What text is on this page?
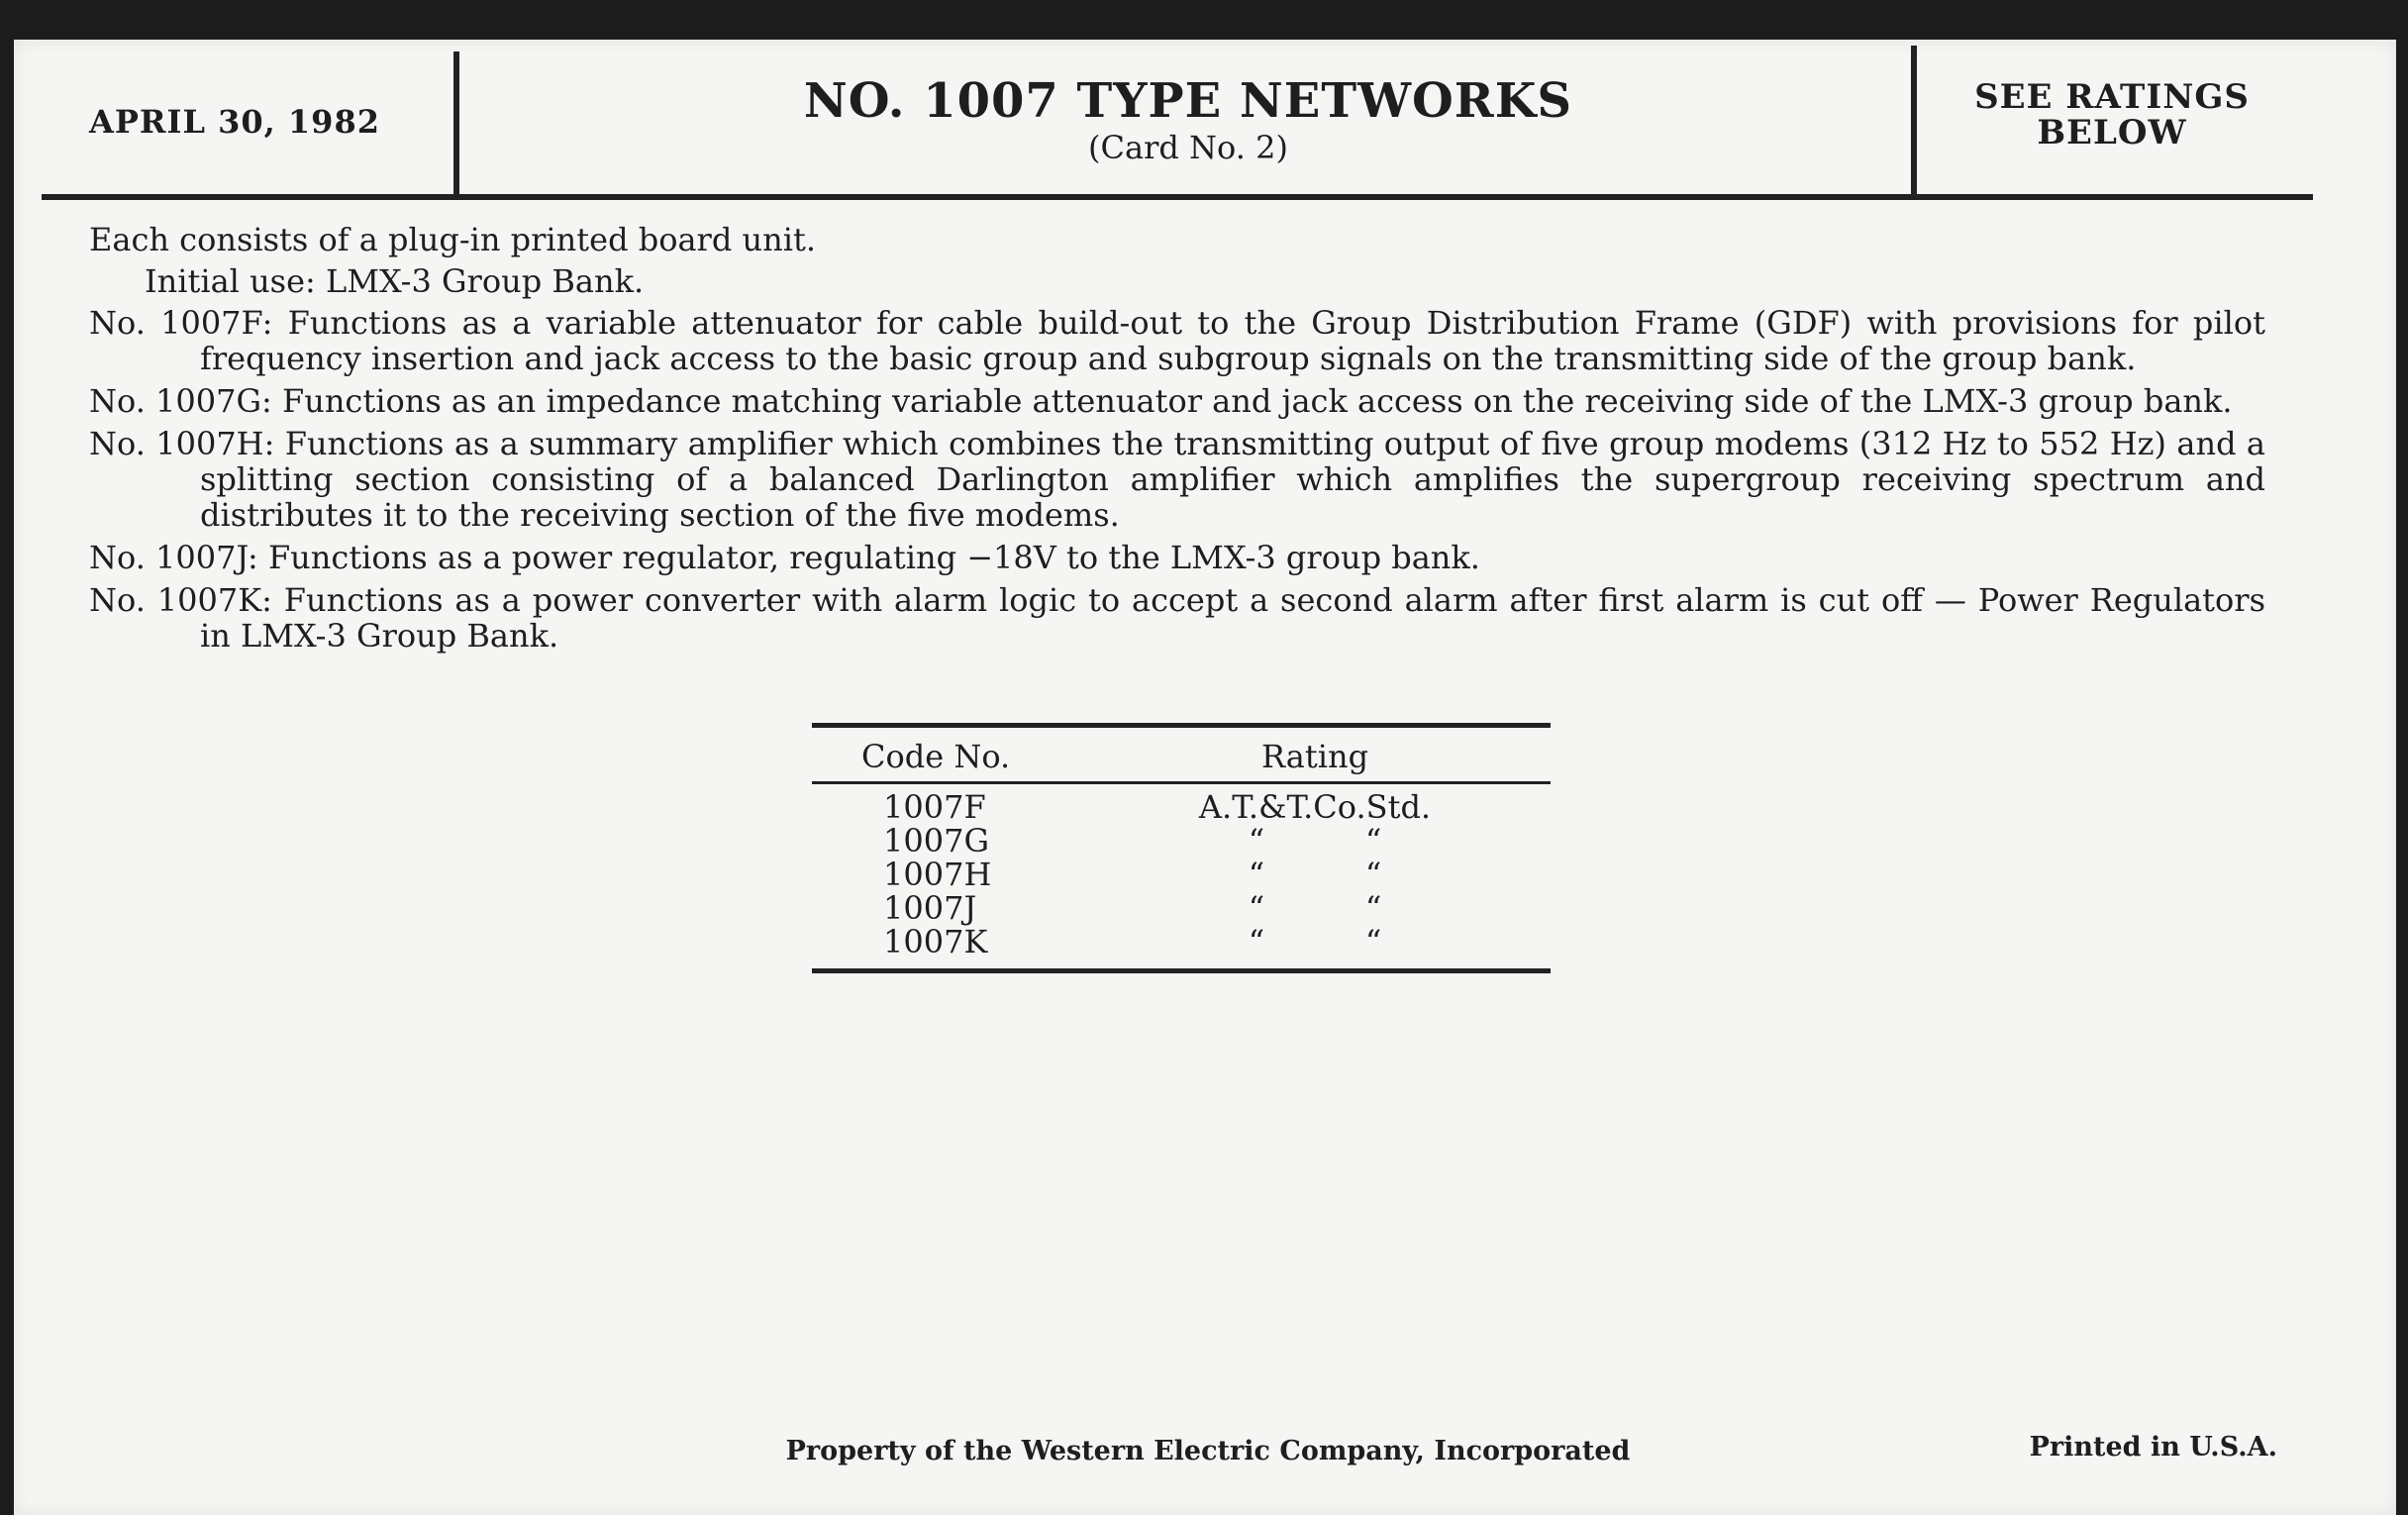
APRIL 30, 1982	NO. 1007 TYPE NETWORKS
(Card No. 2)
SEE RATINGS
BELOW

Each consists of a plug-in printed board unit.

Initial use: LMX-3 Group Bank.

No. 1007F: Functions as a variable attenuator for cable build-out to the Group Distribution Frame (GDF) with provisions for pilot frequency insertion and jack access to the basic group and subgroup signals on the transmitting side of the group bank.

No. 1007G: Functions as an impedance matching variable attenuator and jack access on the receiving side of the LMX-3 group bank.

No. 1007H: Functions as a summary amplifier which combines the transmitting output of five group modems (312 Hz to 552 Hz) and a splitting section consisting of a balanced Darlington amplifier which amplifies the supergroup receiving spectrum and distributes it to the receiving section of the five modems.

No. 1007J: Functions as a power regulator, regulating −18V to the LMX-3 group bank.

No. 1007K: Functions as a power converter with alarm logic to accept a second alarm after first alarm is cut off — Power Regulators in LMX-3 Group Bank.

Code No.	Rating
1007F	A.T.&T.Co.Std.
1007G	“          “
1007H	“          “
1007J	“          “
1007K	“          “
Property of the Western Electric Company, Incorporated	Printed in U.S.A.
